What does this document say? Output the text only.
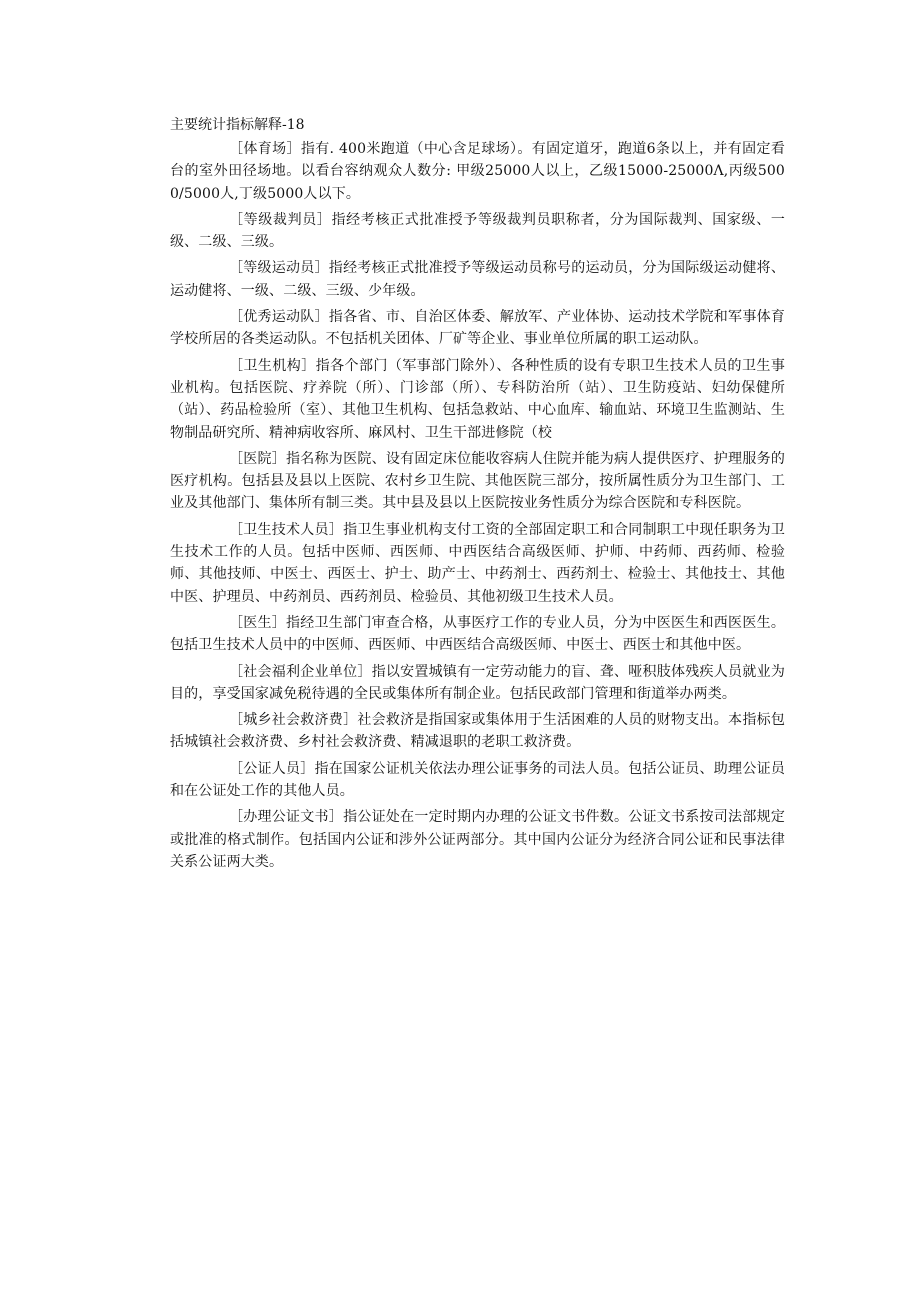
主要统计指标解释-18

［体育场］指有. 400米跑道（中心含足球场）。有固定道牙，跑道6条以上，并有固定看台的室外田径场地。以看台容纳观众人数分: 甲级25000人以上，乙级15000-25000Λ,丙级5000/5000人,丁级5000人以下。

［等级裁判员］指经考核正式批准授予等级裁判员职称者，分为国际裁判、国家级、一级、二级、三级。

［等级运动员］指经考核正式批准授予等级运动员称号的运动员，分为国际级运动健将、运动健将、一级、二级、三级、少年级。

［优秀运动队］指各省、市、自治区体委、解放军、产业体协、运动技术学院和军事体育学校所居的各类运动队。不包括机关团体、厂矿等企业、事业单位所属的职工运动队。

［卫生机构］指各个部门（军事部门除外）、各种性质的设有专职卫生技术人员的卫生事业机构。包括医院、疗养院（所）、门诊部（所）、专科防治所（站）、卫生防疫站、妇幼保健所（站）、药品检验所（室）、其他卫生机构、包括急救站、中心血库、输血站、环境卫生监测站、生物制品研究所、精神病收容所、麻风村、卫生干部进修院（校

［医院］指名称为医院、设有固定床位能收容病人住院并能为病人提供医疗、护理服务的医疗机构。包括县及县以上医院、农村乡卫生院、其他医院三部分，按所属性质分为卫生部门、工业及其他部门、集体所有制三类。其中县及县以上医院按业务性质分为综合医院和专科医院。

［卫生技术人员］指卫生事业机构支付工资的全部固定职工和合同制职工中现任职务为卫生技术工作的人员。包括中医师、西医师、中西医结合高级医师、护师、中药师、西药师、检验师、其他技师、中医士、西医士、护士、助产士、中药剂士、西药剂士、检验士、其他技士、其他中医、护理员、中药剂员、西药剂员、检验员、其他初级卫生技术人员。

［医生］指经卫生部门审查合格，从事医疗工作的专业人员，分为中医医生和西医医生。包括卫生技术人员中的中医师、西医师、中西医结合高级医师、中医士、西医士和其他中医。

［社会福利企业单位］指以安置城镇有一定劳动能力的盲、聋、哑积肢体残疾人员就业为目的，享受国家减免税待遇的全民或集体所有制企业。包括民政部门管理和街道举办两类。

［城乡社会救济费］社会救济是指国家或集体用于生活困难的人员的财物支出。本指标包括城镇社会救济费、乡村社会救济费、精减退职的老职工救济费。

［公证人员］指在国家公证机关依法办理公证事务的司法人员。包括公证员、助理公证员和在公证处工作的其他人员。

［办理公证文书］指公证处在一定时期内办理的公证文书件数。公证文书系按司法部规定或批准的格式制作。包括国内公证和涉外公证两部分。其中国内公证分为经济合同公证和民事法律关系公证两大类。
